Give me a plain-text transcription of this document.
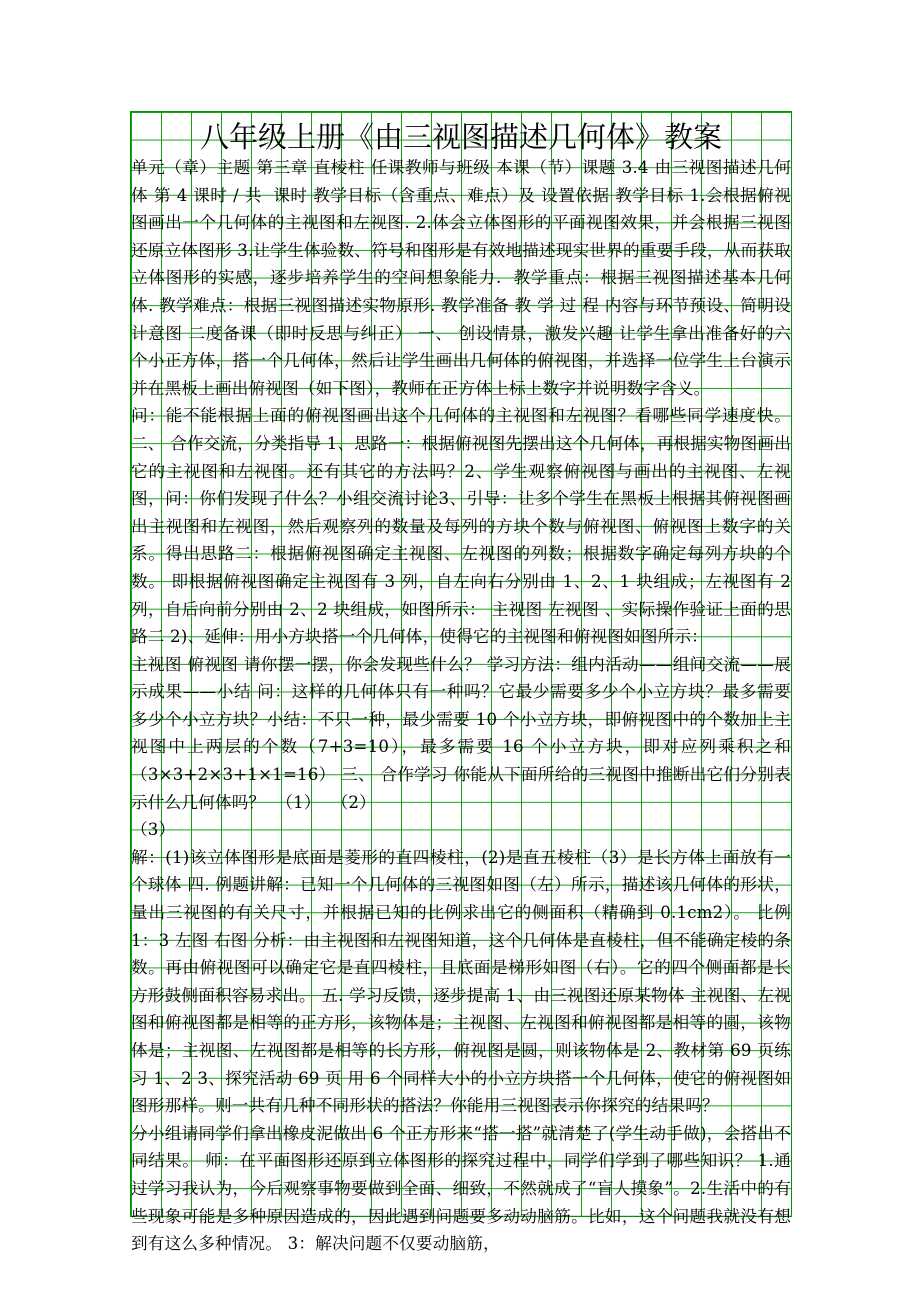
八年级上册《由三视图描述几何体》教案

单元（章）主题 第三章 直棱柱 任课教师与班级 本课（节）课题 3.4 由三视图描述几何体 第 4 课时 / 共  课时 教学目标（含重点、难点）及 设置依据 教学目标 1.会根据俯视图画出一个几何体的主视图和左视图. 2.体会立体图形的平面视图效果，并会根据三视图还原立体图形 3.让学生体验数、符号和图形是有效地描述现实世界的重要手段，从而获取立体图形的实感，逐步培养学生的空间想象能力.  教学重点：根据三视图描述基本几何体. 教学难点：根据三视图描述实物原形. 教学准备 教 学 过 程 内容与环节预设、简明设计意图 二度备课（即时反思与纠正） 一、 创设情景，激发兴趣 让学生拿出准备好的六个小正方体，搭一个几何体，然后让学生画出几何体的俯视图，并选择一位学生上台演示并在黑板上画出俯视图（如下图），教师在正方体上标上数字并说明数字含义。

问：能不能根据上面的俯视图画出这个几何体的主视图和左视图？看哪些同学速度快。 二、 合作交流，分类指导 1、思路一：根据俯视图先摆出这个几何体，再根据实物图画出它的主视图和左视图。还有其它的方法吗？2、学生观察俯视图与画出的主视图、左视图，问：你们发现了什么？小组交流讨论3、引导：让多个学生在黑板上根据其俯视图画出主视图和左视图，然后观察列的数量及每列的方块个数与俯视图、俯视图上数字的关系。得出思路二：根据俯视图确定主视图、左视图的列数；根据数字确定每列方块的个数。 即根据俯视图确定主视图有 3 列，自左向右分别由 1、2、1 块组成；左视图有 2 列，自后向前分别由 2、2 块组成，如图所示： 主视图 左视图 、实际操作验证上面的思路二 2)、延伸：用小方块搭一个几何体，使得它的主视图和俯视图如图所示：

主视图 俯视图 请你摆一摆，你会发现些什么？ 学习方法：组内活动——组间交流——展示成果——小结 问：这样的几何体只有一种吗？它最少需要多少个小立方块？最多需要多少个小立方块？小结：不只一种，最少需要 10 个小立方块，即俯视图中的个数加上主视图中上两层的个数（7+3=10），最多需要 16 个小立方块，即对应列乘积之和（3×3+2×3+1×1=16） 三、 合作学习 你能从下面所给的三视图中推断出它们分别表示什么几何体吗？  （1）  （2）

（3）

解：(1)该立体图形是底面是菱形的直四棱柱，(2)是直五棱柱（3）是长方体上面放有一个球体 四. 例题讲解：已知一个几何体的三视图如图（左）所示，描述该几何体的形状，量出三视图的有关尺寸，并根据已知的比例求出它的侧面积（精确到 0.1cm2）。 比例 1：3 左图 右图 分析：由主视图和左视图知道，这个几何体是直棱柱，但不能确定棱的条数。再由俯视图可以确定它是直四棱柱，且底面是梯形如图（右）。它的四个侧面都是长方形鼓侧面积容易求出。 五. 学习反馈，逐步提高 1、由三视图还原某物体 主视图、左视图和俯视图都是相等的正方形，该物体是；主视图、左视图和俯视图都是相等的圆，该物体是；主视图、左视图都是相等的长方形，俯视图是圆，则该物体是 2、教材第 69 页练习 1、2 3、探究活动 69 页 用 6 个同样大小的小立方块搭一个几何体，使它的俯视图如图形那样。则一共有几种不同形状的搭法？你能用三视图表示你探究的结果吗？

分小组请同学们拿出橡皮泥做出 6 个正方形来“搭一搭”就清楚了(学生动手做)，会搭出不同结果。 师：在平面图形还原到立体图形的探究过程中，同学们学到了哪些知识？ 1.通过学习我认为，今后观察事物要做到全面、细致，不然就成了“盲人摸象”。2.生活中的有些现象可能是多种原因造成的，因此遇到问题要多动动脑筋。比如，这个问题我就没有想到有这么多种情况。 3：解决问题不仅要动脑筋，
